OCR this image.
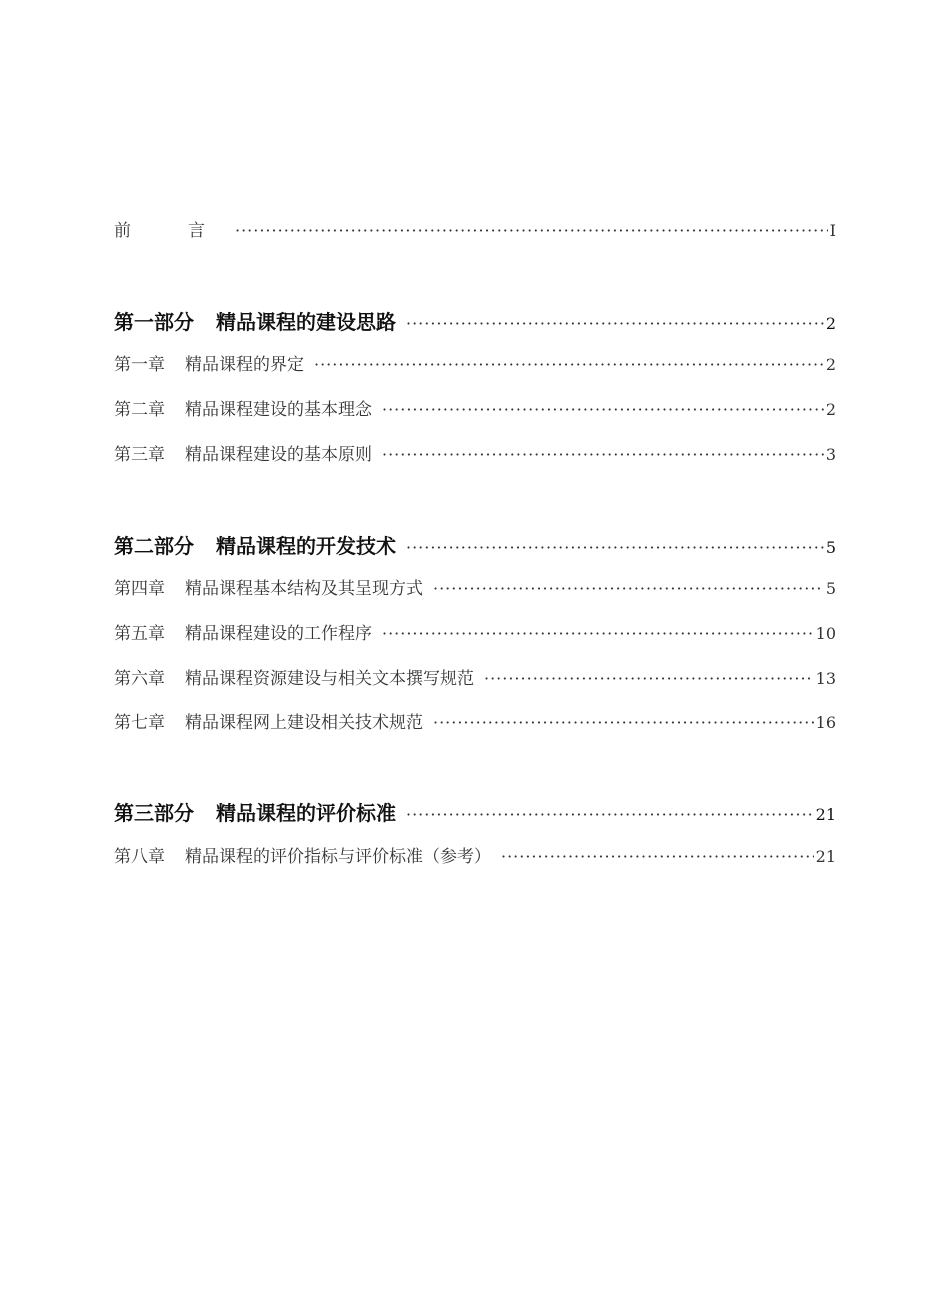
前　言 ·····	I
第一部分 精品课程的建设思路 ·····	2
第一章 精品课程的界定 ·····	2
第二章 精品课程建设的基本理念 ·····	2
第三章 精品课程建设的基本原则 ·····	3
第二部分 精品课程的开发技术 ·····	5
第四章 精品课程基本结构及其呈现方式 ·····	5
第五章 精品课程建设的工作程序 ·····	10
第六章 精品课程资源建设与相关文本撰写规范 ·····	13
第七章 精品课程网上建设相关技术规范 ·····	16
第三部分 精品课程的评价标准 ·····	21
第八章 精品课程的评价指标与评价标准（参考） ·····	21
